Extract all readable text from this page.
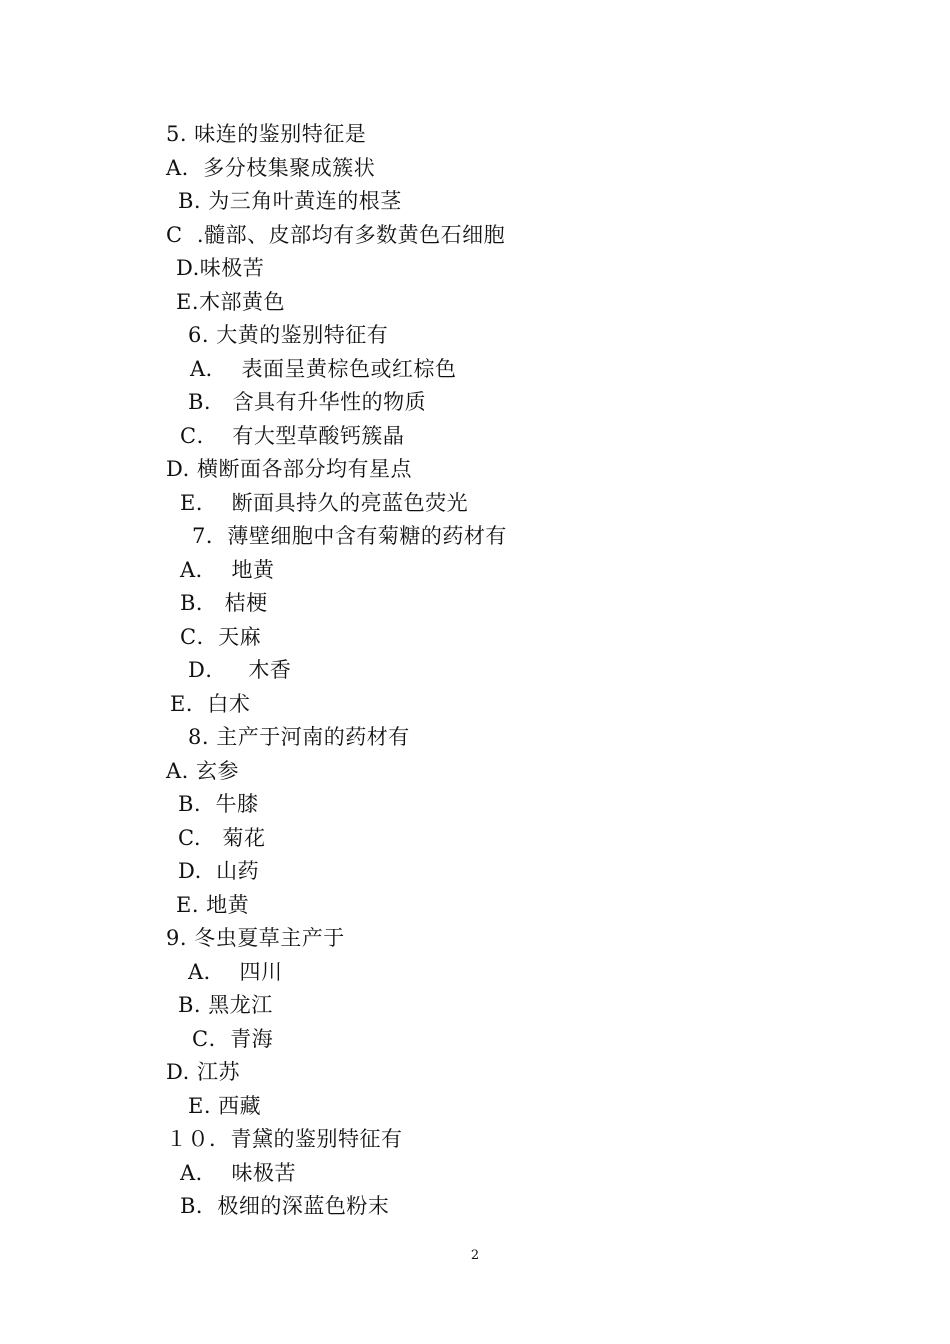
5. 味连的鉴别特征是
A.  多分枝集聚成簇状
B. 为三角叶黄连的根茎
C  .髓部、皮部均有多数黄色石细胞
D.味极苦
E.木部黄色
6. 大黄的鉴别特征有
A．  表面呈黄棕色或红棕色
B.   含具有升华性的物质
C．  有大型草酸钙簇晶
D. 横断面各部分均有星点
E．  断面具持久的亮蓝色荧光
7．薄壁细胞中含有菊糖的药材有
A．  地黄
B． 桔梗
C．天麻
D．   木香
E．白术
8. 主产于河南的药材有
A. 玄参
B.  牛膝
C.   菊花
D.  山药
E. 地黄
9. 冬虫夏草主产于
A．  四川
B. 黑龙江
C．青海
D. 江苏
E. 西藏
１０．青黛的鉴别特征有
A．  味极苦
B．极细的深蓝色粉末
2
